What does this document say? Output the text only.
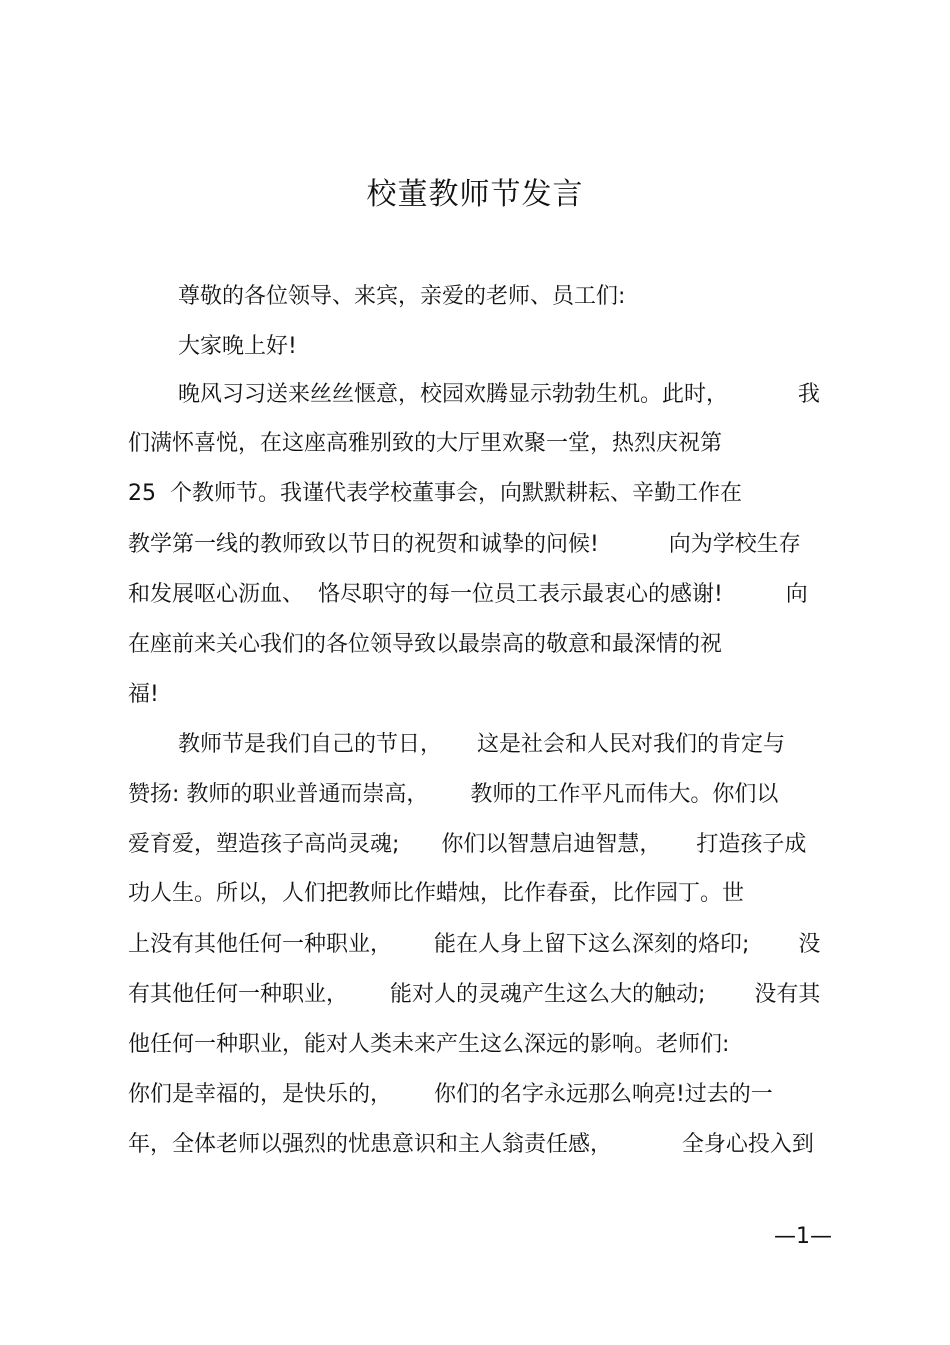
校董教师节发言
尊敬的各位领导、来宾，亲爱的老师、员工们:
大家晚上好!
晚风习习送来丝丝惬意，校园欢腾显示勃勃生机。此时，          我
们满怀喜悦，在这座高雅别致的大厅里欢聚一堂，热烈庆祝第
25  个教师节。我谨代表学校董事会，向默默耕耘、辛勤工作在
教学第一线的教师致以节日的祝贺和诚挚的问候!          向为学校生存
和发展呕心沥血、  恪尽职守的每一位员工表示最衷心的感谢!         向
在座前来关心我们的各位领导致以最崇高的敬意和最深情的祝
福!
教师节是我们自己的节日，     这是社会和人民对我们的肯定与
赞扬: 教师的职业普通而崇高，      教师的工作平凡而伟大。你们以
爱育爱，塑造孩子高尚灵魂;      你们以智慧启迪智慧，     打造孩子成
功人生。所以，人们把教师比作蜡烛，比作春蚕，比作园丁。世
上没有其他任何一种职业，      能在人身上留下这么深刻的烙印;       没
有其他任何一种职业，      能对人的灵魂产生这么大的触动;       没有其
他任何一种职业，能对人类未来产生这么深远的影响。老师们:
你们是幸福的，是快乐的，      你们的名字永远那么响亮!过去的一
年，全体老师以强烈的忧患意识和主人翁责任感，          全身心投入到
—1—
